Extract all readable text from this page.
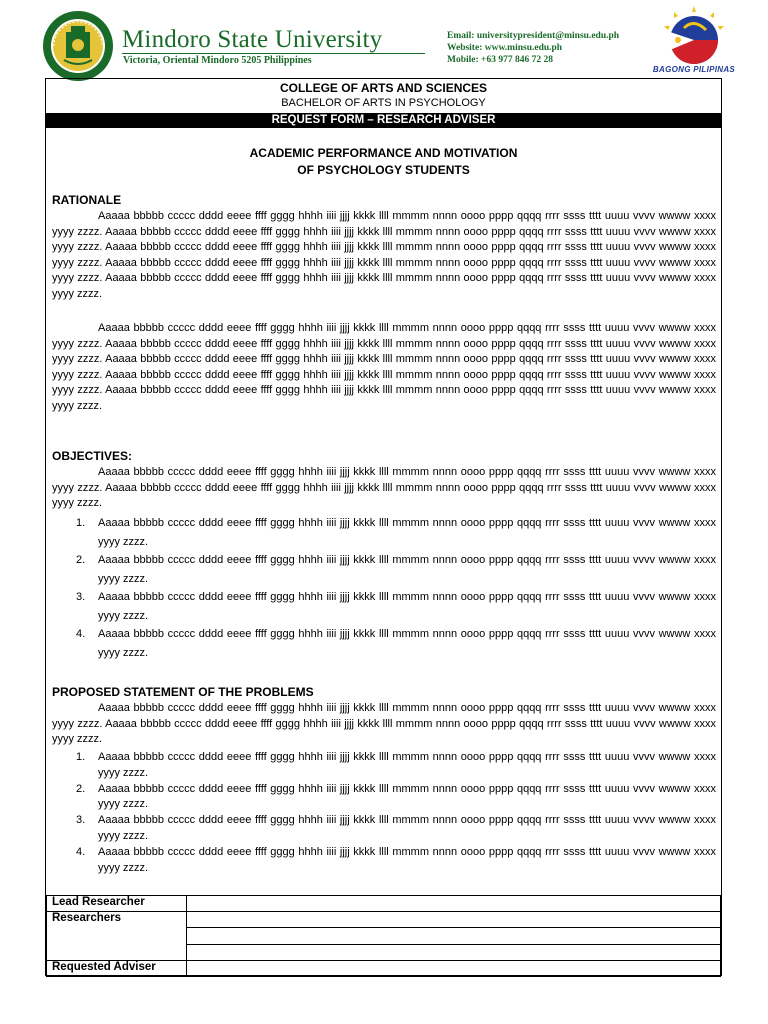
Mindoro State University
Victoria, Oriental Mindoro 5205 Philippines
Email: universitypresident@minsu.edu.ph
Website: www.minsu.edu.ph
Mobile: +63 977 846 72 28
BAGONG PILIPINAS
COLLEGE OF ARTS AND SCIENCES
BACHELOR OF ARTS IN PSYCHOLOGY
REQUEST FORM – RESEARCH ADVISER
ACADEMIC PERFORMANCE AND MOTIVATION
OF PSYCHOLOGY STUDENTS
RATIONALE
Aaaaa bbbbb ccccc dddd eeee ffff gggg hhhh iiii jjjj kkkk llll mmmm nnnn oooo pppp qqqq rrrr ssss tttt uuuu vvvv wwww xxxx yyyy zzzz. Aaaaa bbbbb ccccc dddd eeee ffff gggg hhhh iiii jjjj kkkk llll mmmm nnnn oooo pppp qqqq rrrr ssss tttt uuuu vvvv wwww xxxx yyyy zzzz. Aaaaa bbbbb ccccc dddd eeee ffff gggg hhhh iiii jjjj kkkk llll mmmm nnnn oooo pppp qqqq rrrr ssss tttt uuuu vvvv wwww xxxx yyyy zzzz. Aaaaa bbbbb ccccc dddd eeee ffff gggg hhhh iiii jjjj kkkk llll mmmm nnnn oooo pppp qqqq rrrr ssss tttt uuuu vvvv wwww xxxx yyyy zzzz. Aaaaa bbbbb ccccc dddd eeee ffff gggg hhhh iiii jjjj kkkk llll mmmm nnnn oooo pppp qqqq rrrr ssss tttt uuuu vvvv wwww xxxx yyyy zzzz.
Aaaaa bbbbb ccccc dddd eeee ffff gggg hhhh iiii jjjj kkkk llll mmmm nnnn oooo pppp qqqq rrrr ssss tttt uuuu vvvv wwww xxxx yyyy zzzz. Aaaaa bbbbb ccccc dddd eeee ffff gggg hhhh iiii jjjj kkkk llll mmmm nnnn oooo pppp qqqq rrrr ssss tttt uuuu vvvv wwww xxxx yyyy zzzz. Aaaaa bbbbb ccccc dddd eeee ffff gggg hhhh iiii jjjj kkkk llll mmmm nnnn oooo pppp qqqq rrrr ssss tttt uuuu vvvv wwww xxxx yyyy zzzz. Aaaaa bbbbb ccccc dddd eeee ffff gggg hhhh iiii jjjj kkkk llll mmmm nnnn oooo pppp qqqq rrrr ssss tttt uuuu vvvv wwww xxxx yyyy zzzz. Aaaaa bbbbb ccccc dddd eeee ffff gggg hhhh iiii jjjj kkkk llll mmmm nnnn oooo pppp qqqq rrrr ssss tttt uuuu vvvv wwww xxxx yyyy zzzz.
OBJECTIVES:
Aaaaa bbbbb ccccc dddd eeee ffff gggg hhhh iiii jjjj kkkk llll mmmm nnnn oooo pppp qqqq rrrr ssss tttt uuuu vvvv wwww xxxx yyyy zzzz. Aaaaa bbbbb ccccc dddd eeee ffff gggg hhhh iiii jjjj kkkk llll mmmm nnnn oooo pppp qqqq rrrr ssss tttt uuuu vvvv wwww xxxx yyyy zzzz.
1. Aaaaa bbbbb ccccc dddd eeee ffff gggg hhhh iiii jjjj kkkk llll mmmm nnnn oooo pppp qqqq rrrr ssss tttt uuuu vvvv wwww xxxx yyyy zzzz.
2. Aaaaa bbbbb ccccc dddd eeee ffff gggg hhhh iiii jjjj kkkk llll mmmm nnnn oooo pppp qqqq rrrr ssss tttt uuuu vvvv wwww xxxx yyyy zzzz.
3. Aaaaa bbbbb ccccc dddd eeee ffff gggg hhhh iiii jjjj kkkk llll mmmm nnnn oooo pppp qqqq rrrr ssss tttt uuuu vvvv wwww xxxx yyyy zzzz.
4. Aaaaa bbbbb ccccc dddd eeee ffff gggg hhhh iiii jjjj kkkk llll mmmm nnnn oooo pppp qqqq rrrr ssss tttt uuuu vvvv wwww xxxx yyyy zzzz.
PROPOSED STATEMENT OF THE PROBLEMS
Aaaaa bbbbb ccccc dddd eeee ffff gggg hhhh iiii jjjj kkkk llll mmmm nnnn oooo pppp qqqq rrrr ssss tttt uuuu vvvv wwww xxxx yyyy zzzz. Aaaaa bbbbb ccccc dddd eeee ffff gggg hhhh iiii jjjj kkkk llll mmmm nnnn oooo pppp qqqq rrrr ssss tttt uuuu vvvv wwww xxxx yyyy zzzz.
1. Aaaaa bbbbb ccccc dddd eeee ffff gggg hhhh iiii jjjj kkkk llll mmmm nnnn oooo pppp qqqq rrrr ssss tttt uuuu vvvv wwww xxxx yyyy zzzz.
2. Aaaaa bbbbb ccccc dddd eeee ffff gggg hhhh iiii jjjj kkkk llll mmmm nnnn oooo pppp qqqq rrrr ssss tttt uuuu vvvv wwww xxxx yyyy zzzz.
3. Aaaaa bbbbb ccccc dddd eeee ffff gggg hhhh iiii jjjj kkkk llll mmmm nnnn oooo pppp qqqq rrrr ssss tttt uuuu vvvv wwww xxxx yyyy zzzz.
4. Aaaaa bbbbb ccccc dddd eeee ffff gggg hhhh iiii jjjj kkkk llll mmmm nnnn oooo pppp qqqq rrrr ssss tttt uuuu vvvv wwww xxxx yyyy zzzz.
Lead Researcher	
Researchers	

Requested Adviser	
